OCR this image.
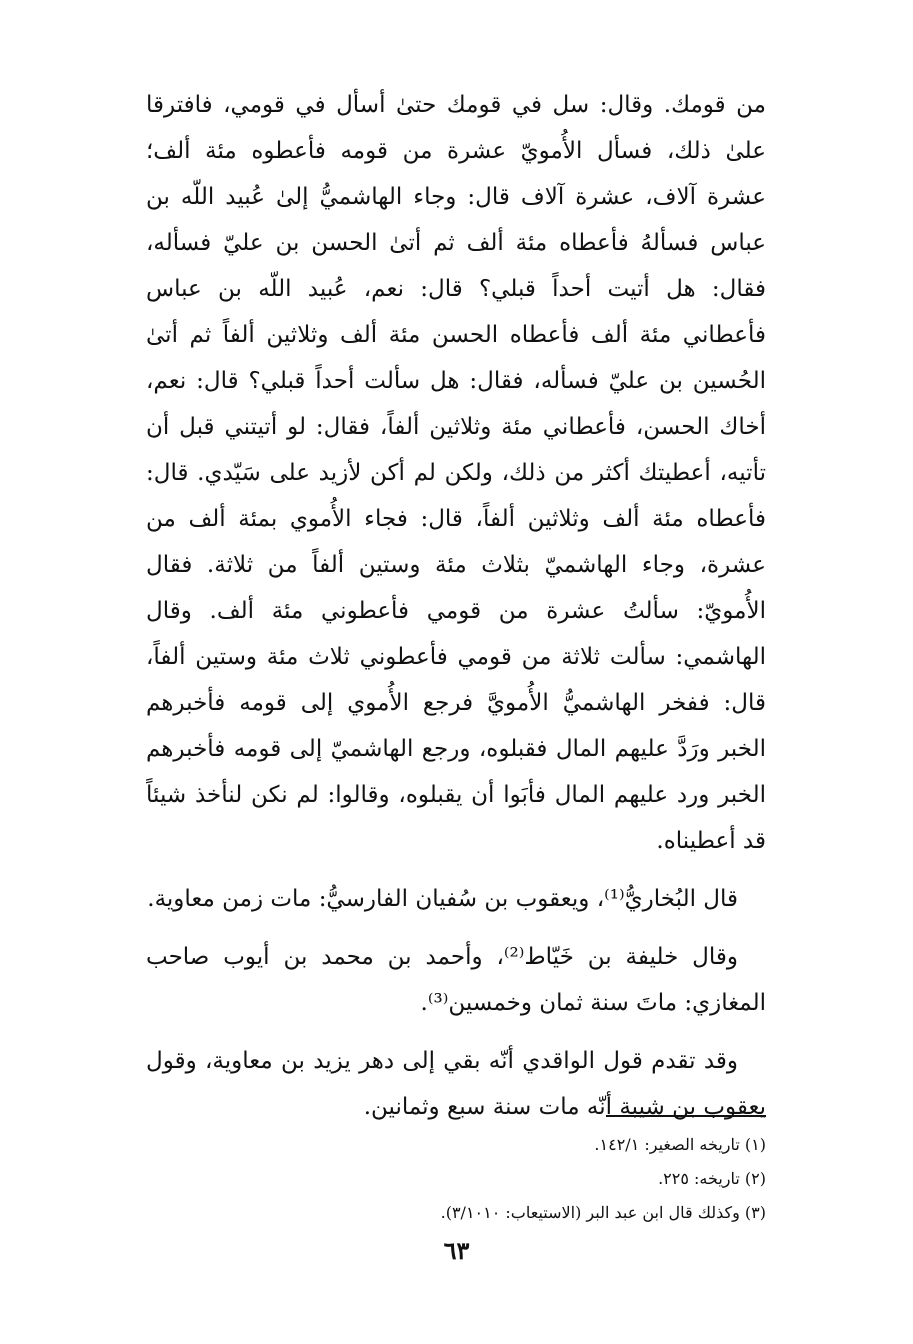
من قومك. وقال: سل في قومك حتىٰ أسأل في قومي، فافترقا علىٰ ذلك، فسأل الأُمويّ عشرة من قومه فأعطوه مئة ألف؛ عشرة آلاف، عشرة آلاف قال: وجاء الهاشميُّ إلىٰ عُبيد اللّه بن عباس فسألهُ فأعطاه مئة ألف ثم أتىٰ الحسن بن عليّ فسأله، فقال: هل أتيت أحداً قبلي؟ قال: نعم، عُبيد اللّه بن عباس فأعطاني مئة ألف فأعطاه الحسن مئة ألف وثلاثين ألفاً ثم أتىٰ الحُسين بن عليّ فسأله، فقال: هل سألت أحداً قبلي؟ قال: نعم، أخاك الحسن، فأعطاني مئة وثلاثين ألفاً، فقال: لو أتيتني قبل أن تأتيه، أعطيتك أكثر من ذلك، ولكن لم أكن لأزيد على سَيّدي. قال: فأعطاه مئة ألف وثلاثين ألفاً، قال: فجاء الأُموي بمئة ألف من عشرة، وجاء الهاشميّ بثلاث مئة وستين ألفاً من ثلاثة. فقال الأُمويّ: سألتُ عشرة من قومي فأعطوني مئة ألف. وقال الهاشمي: سألت ثلاثة من قومي فأعطوني ثلاث مئة وستين ألفاً، قال: ففخر الهاشميُّ الأُمويَّ فرجع الأُموي إلى قومه فأخبرهم الخبر ورَدَّ عليهم المال فقبلوه، ورجع الهاشميّ إلى قومه فأخبرهم الخبر ورد عليهم المال فأبَوا أن يقبلوه، وقالوا: لم نكن لنأخذ شيئاً قد أعطيناه.

قال البُخاريُّ⁽¹⁾، ويعقوب بن سُفيان الفارسيُّ: مات زمن معاوية.

وقال خليفة بن خَيّاط⁽²⁾، وأحمد بن محمد بن أيوب صاحب المغازي: ماتَ سنة ثمان وخمسين⁽³⁾.

وقد تقدم قول الواقدي أنّه بقي إلى دهر يزيد بن معاوية، وقول يعقوب بن شيبة أنّه مات سنة سبع وثمانين.

(١) تاريخه الصغير: ١٤٢/١.

(٢) تاريخه: ٢٢٥.

(٣) وكذلك قال ابن عبد البر (الاستيعاب: ٣/١٠١٠).

٦٣
